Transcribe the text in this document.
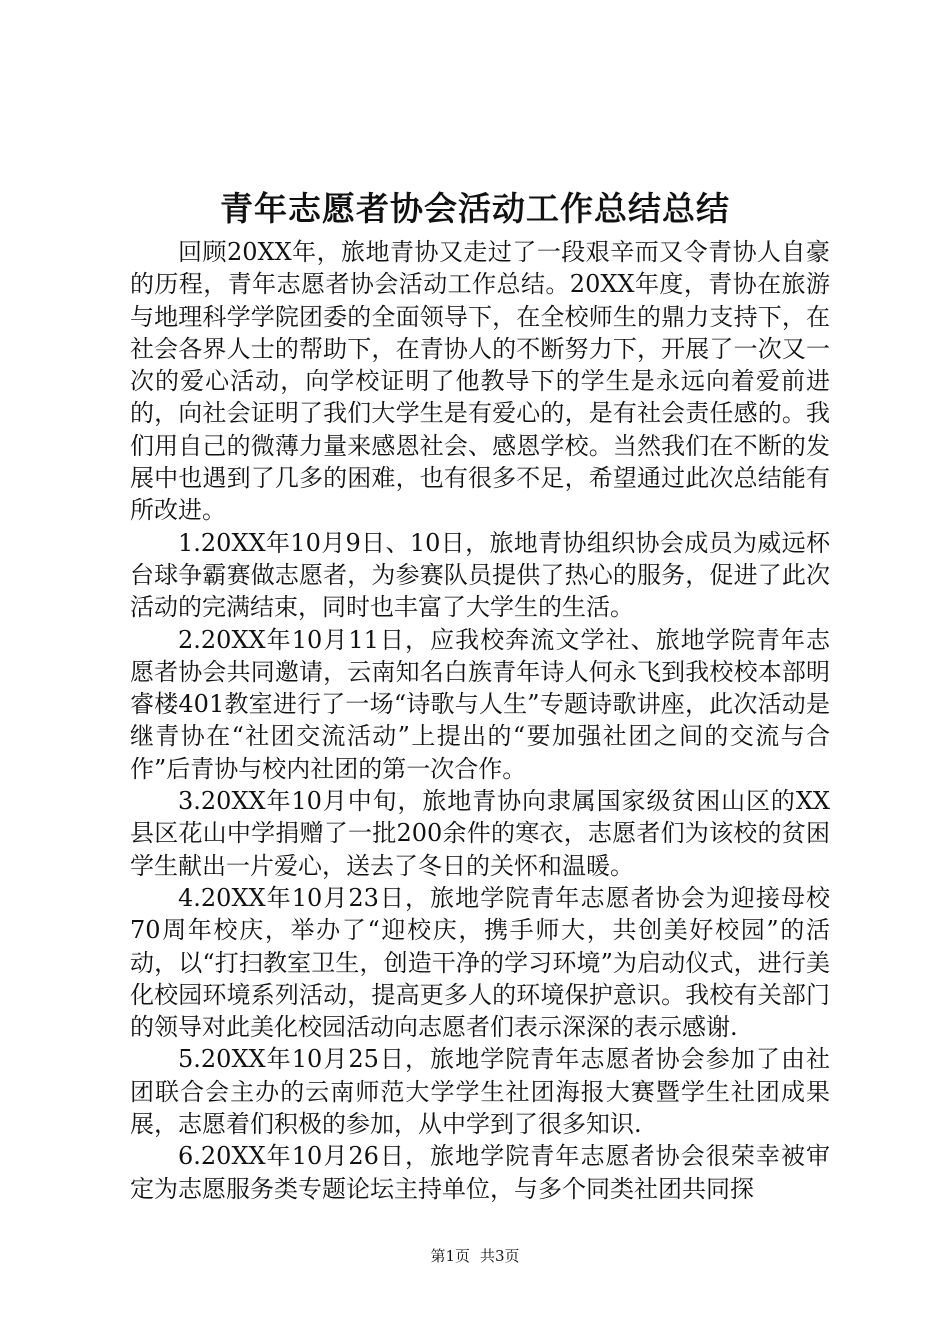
青年志愿者协会活动工作总结总结

回顾20XX年，旅地青协又走过了一段艰辛而又令青协人自豪的历程，青年志愿者协会活动工作总结。20XX年度，青协在旅游与地理科学学院团委的全面领导下，在全校师生的鼎力支持下，在社会各界人士的帮助下，在青协人的不断努力下，开展了一次又一次的爱心活动，向学校证明了他教导下的学生是永远向着爱前进的，向社会证明了我们大学生是有爱心的，是有社会责任感的。我们用自己的微薄力量来感恩社会、感恩学校。当然我们在不断的发展中也遇到了几多的困难，也有很多不足，希望通过此次总结能有所改进。

1.20XX年10月9日、10日，旅地青协组织协会成员为威远杯台球争霸赛做志愿者，为参赛队员提供了热心的服务，促进了此次活动的完满结束，同时也丰富了大学生的生活。

2.20XX年10月11日，应我校奔流文学社、旅地学院青年志愿者协会共同邀请，云南知名白族青年诗人何永飞到我校校本部明睿楼401教室进行了一场“诗歌与人生”专题诗歌讲座，此次活动是继青协在“社团交流活动”上提出的“要加强社团之间的交流与合作”后青协与校内社团的第一次合作。

3.20XX年10月中旬，旅地青协向隶属国家级贫困山区的XX县区花山中学捐赠了一批200余件的寒衣，志愿者们为该校的贫困学生献出一片爱心，送去了冬日的关怀和温暖。

4.20XX年10月23日，旅地学院青年志愿者协会为迎接母校70周年校庆，举办了“迎校庆，携手师大，共创美好校园”的活动，以“打扫教室卫生，创造干净的学习环境”为启动仪式，进行美化校园环境系列活动，提高更多人的环境保护意识。我校有关部门的领导对此美化校园活动向志愿者们表示深深的表示感谢.

5.20XX年10月25日，旅地学院青年志愿者协会参加了由社团联合会主办的云南师范大学学生社团海报大赛暨学生社团成果展，志愿着们积极的参加，从中学到了很多知识.

6.20XX年10月26日，旅地学院青年志愿者协会很荣幸被审定为志愿服务类专题论坛主持单位，与多个同类社团共同探

第1页 共3页
